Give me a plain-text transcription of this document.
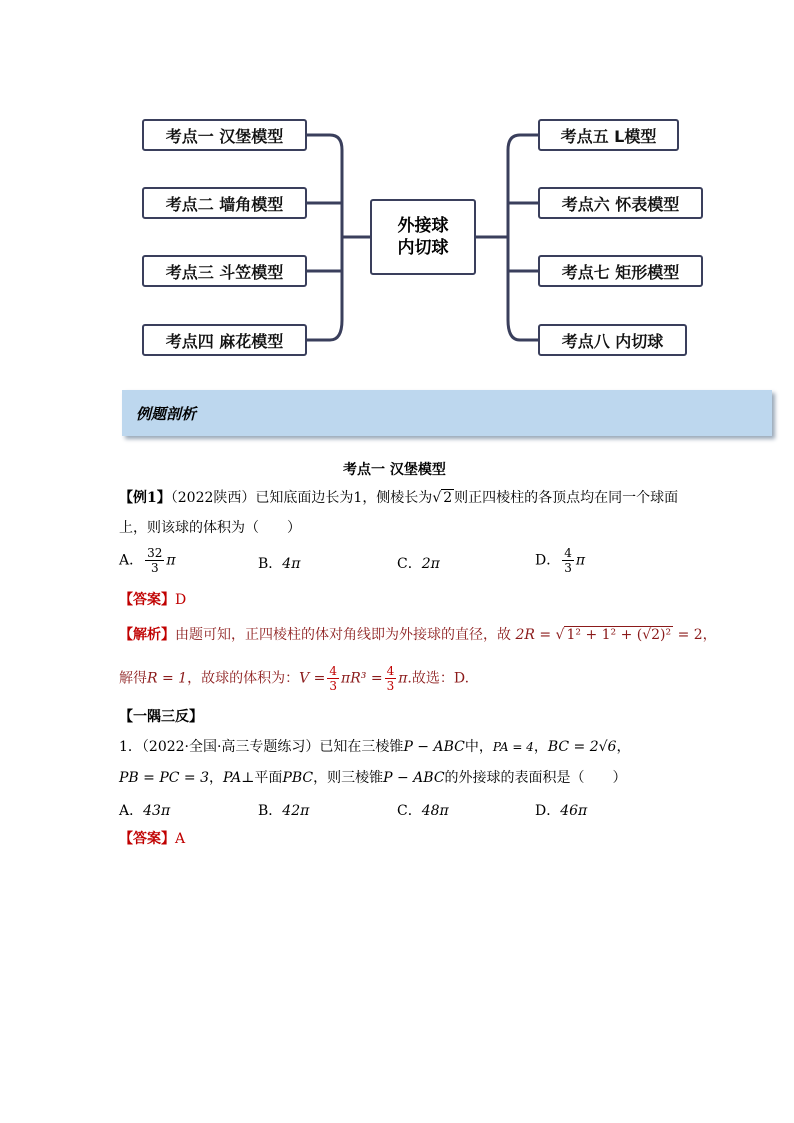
考点一 汉堡模型
考点二 墙角模型
考点三 斗笠模型
考点四 麻花模型
外接球
内切球
考点五 L模型
考点六 怀表模型
考点七 矩形模型
考点八 内切球
例题剖析
考点一 汉堡模型
【例1】（2022陕西）已知底面边长为1，侧棱长为√ 2 则正四棱柱的各顶点均在同一个球面
上，则该球的体积为（　　）
A． $\frac{32}{3}$ π	B．4π	C．2π	D． $\frac{4}{3}$ π
【答案】D
【解析】由题可知，正四棱柱的体对角线即为外接球的直径，故 2R = √ 1² + 1² + (√2)² = 2，
解得R = 1，故球的体积为：$V = \frac{4}{3} \pi R^3 = \frac{4}{3} \pi$.故选：D.
【一隅三反】
1．（2022·全国·高三专题练习）已知在三棱锥P − ABC中，PA = 4，BC = 2√6，
PB = PC = 3，PA⊥平面PBC，则三棱锥P − ABC的外接球的表面积是（　　）
A．43π	B．42π	C．48π	D．46π
【答案】A
